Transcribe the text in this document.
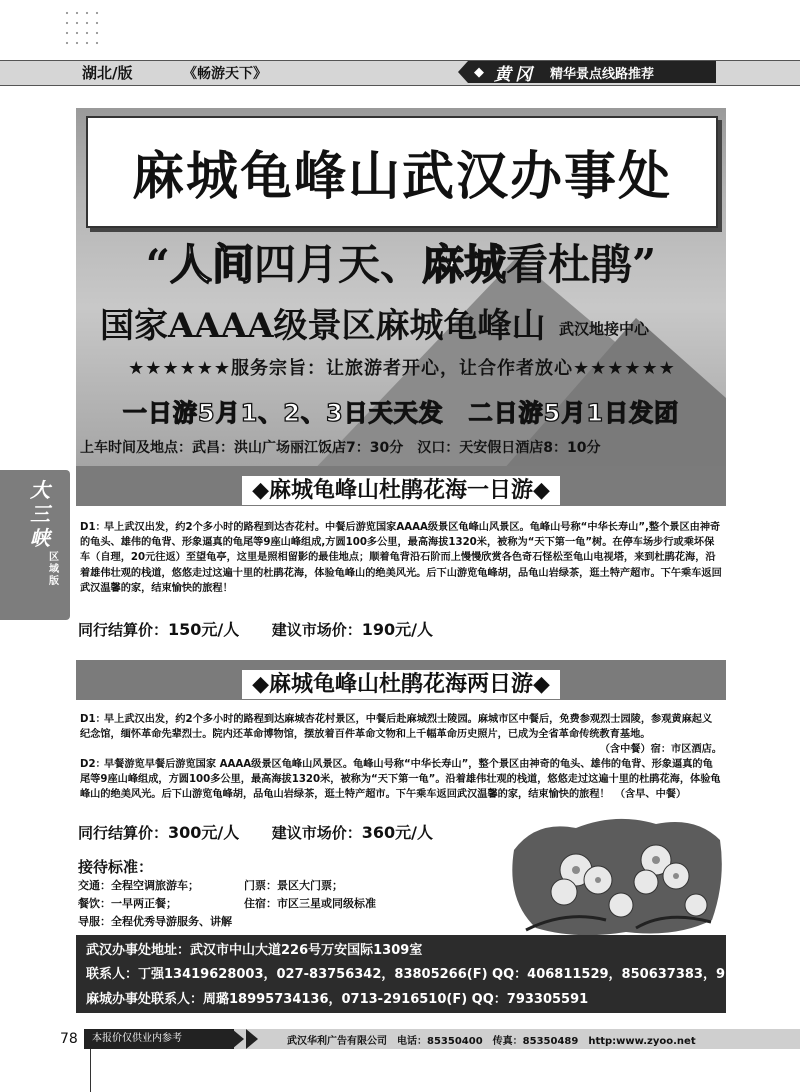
湖北/版	《畅游天下》	◆ 黄冈 精华景点线路推荐
大三峡
区域版
麻城龟峰山武汉办事处
“人间四月天、麻城看杜鹃”
国家AAAA级景区麻城龟峰山 武汉地接中心
★★★★★★服务宗旨：让旅游者开心，让合作者放心★★★★★★
一日游5月1、2、3日天天发　二日游5月1日发团
上车时间及地点：武昌：洪山广场丽江饭店7：30分　汉口：天安假日酒店8：10分
◆麻城龟峰山杜鹃花海一日游◆
D1：早上武汉出发，约2个多小时的路程到达杏花村。中餐后游览国家AAAA级景区龟峰山风景区。龟峰山号称“中华长寿山”,整个景区由神奇的龟头、雄伟的龟背、形象逼真的龟尾等9座山峰组成,方圆100多公里，最高海拔1320米，被称为“天下第一龟”树。在停车场步行或乘坏保车（自理，20元往返）至望龟亭，这里是照相留影的最佳地点；顺着龟背沿石阶而上慢慢欣赏各色奇石怪松至龟山电视塔，来到杜鹃花海，沿着雄伟壮观的栈道，悠悠走过这遍十里的杜鹃花海，体验龟峰山的绝美风光。后下山游览龟峰胡，品龟山岩绿茶，逛土特产超市。下午乘车返回武汉温馨的家，结束愉快的旅程！
同行结算价：150元/人 建议市场价：190元/人
◆麻城龟峰山杜鹃花海两日游◆
D1：早上武汉出发，约2个多小时的路程到达麻城杏花村景区，中餐后赴麻城烈士陵园。麻城市区中餐后，免费参观烈士园陵，参观黄麻起义纪念馆，缅怀革命先辈烈士。院内还革命博物馆，摆放着百件革命文物和上千幅革命历史照片，已成为全省革命传统教育基地。
（含中餐）宿：市区酒店。
D2：早餐游览早餐后游览国家 AAAA级景区龟峰山风景区。龟峰山号称“中华长寿山”，整个景区由神奇的龟头、雄伟的龟背、形象逼真的龟尾等9座山峰组成，方圆100多公里，最高海拔1320米，被称为“天下第一龟”。沿着雄伟壮观的栈道，悠悠走过这遍十里的杜鹃花海，体验龟峰山的绝美风光。后下山游览龟峰胡，品龟山岩绿茶，逛土特产超市。下午乘车返回武汉温馨的家，结束愉快的旅程！　（含早、中餐）
同行结算价：300元/人 建议市场价：360元/人
接待标准：
交通：全程空调旅游车；	门票：景区大门票；
餐饮：一早两正餐；	住宿：市区三星或同级标准
导服：全程优秀导游服务、讲解
武汉办事处地址：武汉市中山大道226号万安国际1309室
联系人：丁强13419628003，027-83756342，83805266(F) QQ：406811529，850637383，928541406
麻城办事处联系人：周璐18995734136，0713-2916510(F) QQ：793305591
78	本报价仅供业内参考	武汉华利广告有限公司　电话：85350400　传真：85350489　http:www.zyoo.net
